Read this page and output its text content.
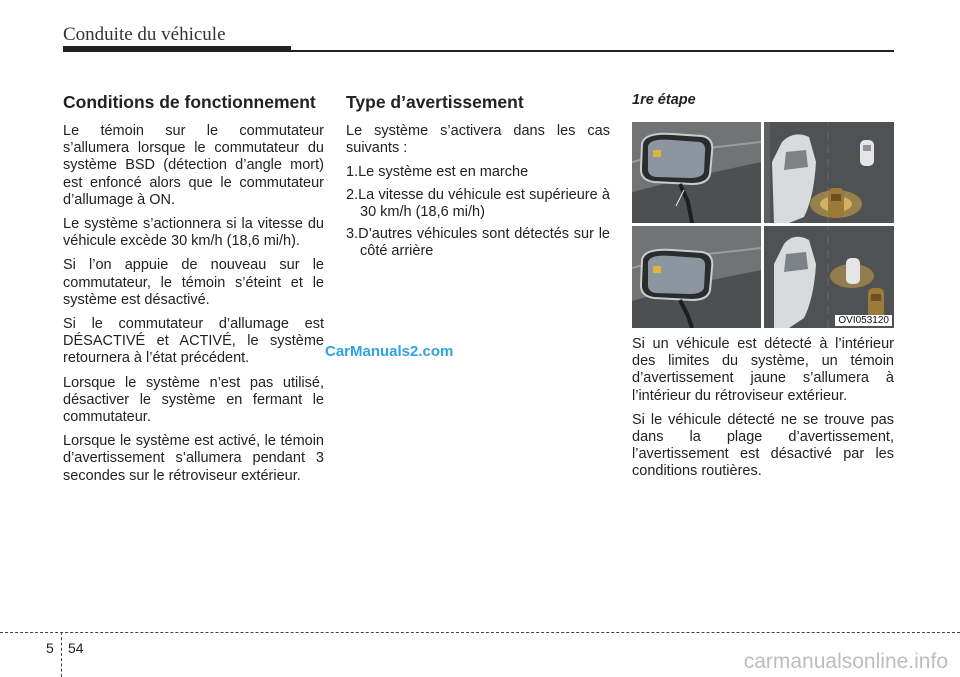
Conduite du véhicule
Conditions de fonctionnement

Le témoin sur le commutateur s’allumera lorsque le commutateur du système BSD (détection d’angle mort) est enfoncé alors que le commutateur d’allumage à ON.

Le système s’actionnera si la vitesse du véhicule excède 30 km/h (18,6 mi/h).

Si l’on appuie de nouveau sur le commutateur, le témoin s’éteint et le système est désactivé.

Si le commutateur d’allumage est DÉSACTIVÉ et ACTIVÉ, le système retournera à l’état précédent.

Lorsque le système n’est pas utilisé, désactiver le système en fermant le commutateur.

Lorsque le système est activé, le témoin d’avertissement s’allumera pendant 3 secondes sur le rétroviseur extérieur.

Type d’avertissement

Le système s’activera dans les cas suivants :

1.Le système est en marche
2.La vitesse du véhicule est supérieure à 30 km/h (18,6 mi/h)
3.D’autres véhicules sont détectés sur le côté arrière
1re étape

Si un véhicule est détecté à l’intérieur des limites du système, un témoin d’avertissement jaune s’allumera à l’intérieur du rétroviseur extérieur.

Si le véhicule détecté ne se trouve pas dans la plage d’avertissement, l’avertissement est désactivé par les conditions routières.

OVI053120
CarManuals2.com
5 54
carmanualsonline.info
